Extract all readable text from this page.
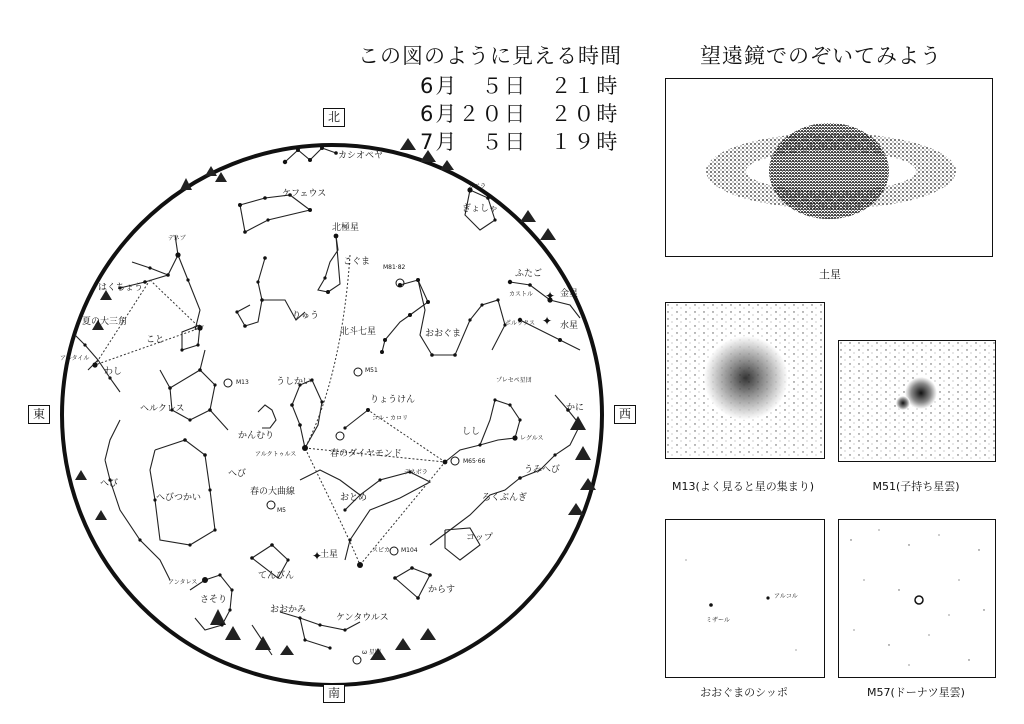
この図のように見える時間
6月　５日　２１時
6月２０日　２０時
7月　５日　１９時
✦
✦
✦
北
南
東	西
カシオペヤ
ケフェウス
北極星
こぐま
M81·82
りゅう
北斗七星	おおぐま
M51
カペラ
ぎょしゃ
ふたご
カストル	金星
ポルックス	水星
デネブ
はくちょう
夏の大三角
こと
ベガ
アルタイル
わし
ヘルクレス
M13	うしかい
りょうけん
コル・カロリ
かんむり
アルクトゥルス	春のダイヤモンド
デネボラ
M65·66
しし
レグルス
プレセペ星団
かに
うみへび
ろくぶんぎ
コップ
へび
へび
へびつかい
春の大曲線
おとめ
M5
土星	スピカ M104
からす
てんびん
アンタレス
さそり
おおかみ
ケンタウルス
ω 星団
望遠鏡でのぞいてみよう
土星
M13(よく見ると星の集まり)	M51(子持ち星雲)
アルコル
ミザール
おおぐまのシッポ	M57(ドーナツ星雲)
